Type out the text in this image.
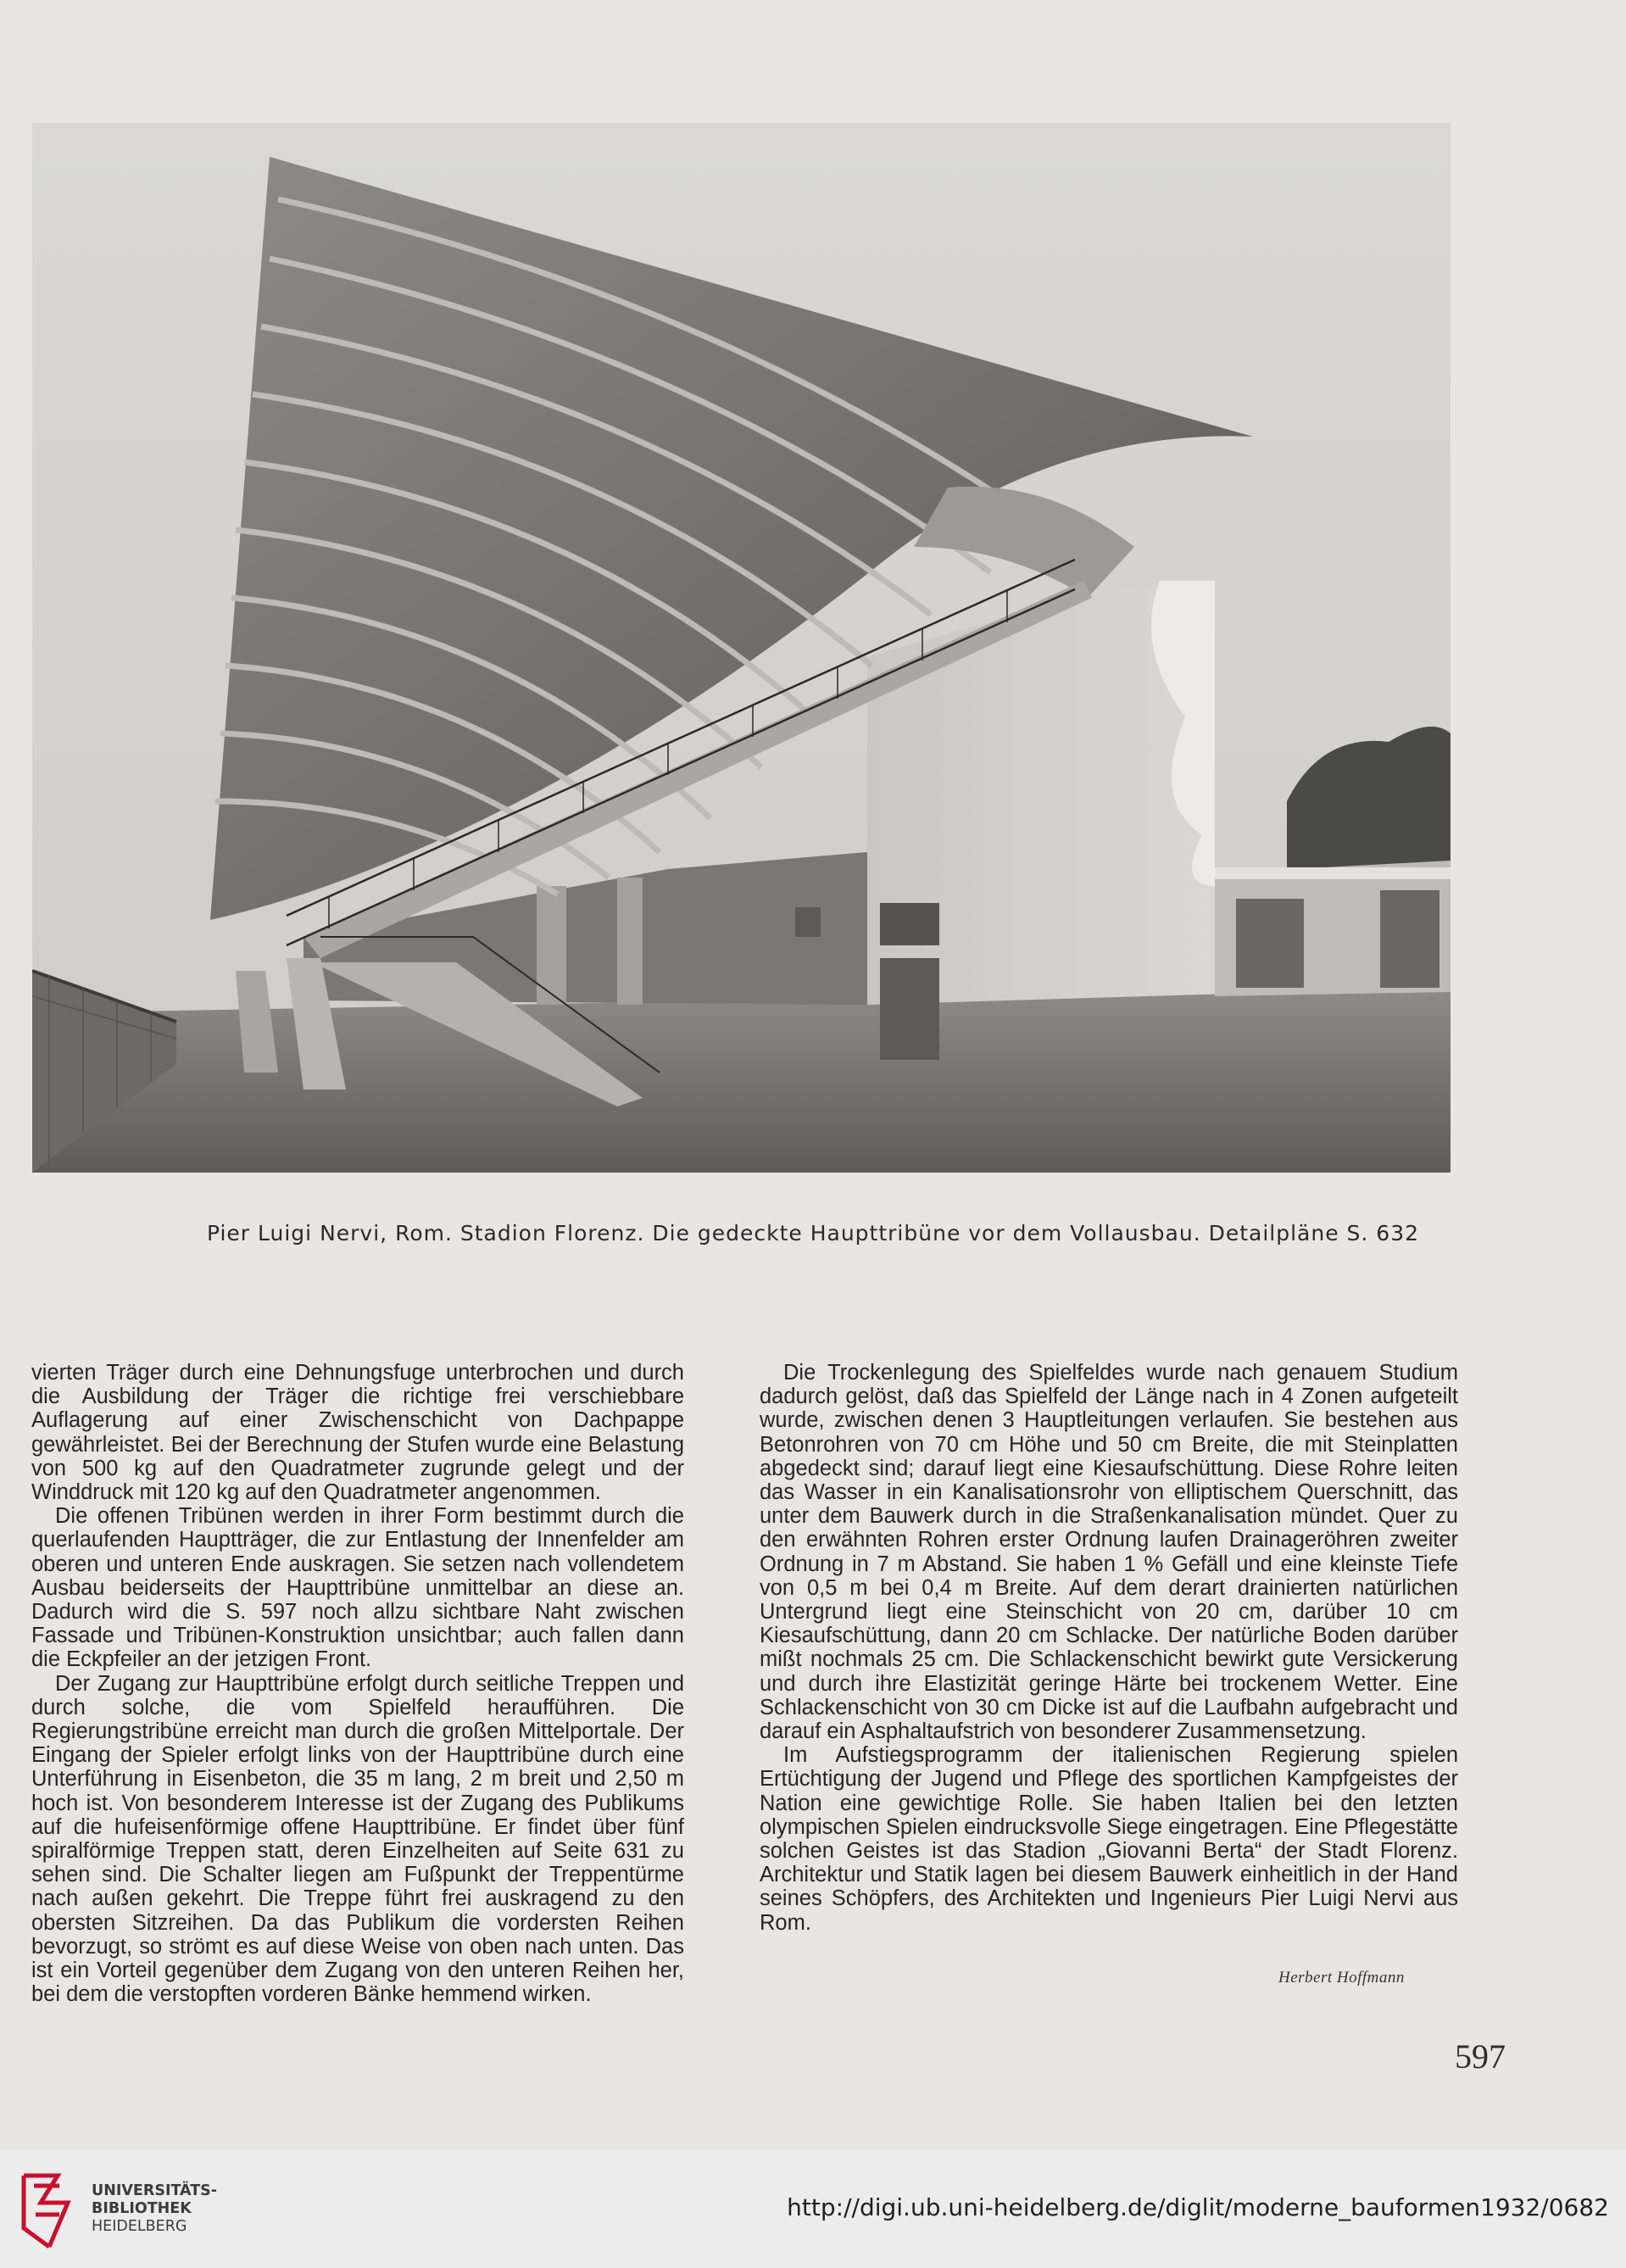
Pier Luigi Nervi, Rom. Stadion Florenz. Die gedeckte Haupttribüne vor dem Vollausbau. Detailpläne S. 632

vierten Träger durch eine Dehnungsfuge unterbrochen und durch die Ausbildung der Träger die richtige frei verschiebbare Auflagerung auf einer Zwischenschicht von Dachpappe gewährleistet. Bei der Berechnung der Stufen wurde eine Belastung von 500 kg auf den Quadratmeter zugrunde gelegt und der Winddruck mit 120 kg auf den Quadratmeter angenommen.

Die offenen Tribünen werden in ihrer Form bestimmt durch die querlaufenden Hauptträger, die zur Entlastung der Innenfelder am oberen und unteren Ende auskragen. Sie setzen nach vollendetem Ausbau beiderseits der Haupttribüne unmittelbar an diese an. Dadurch wird die S. 597 noch allzu sichtbare Naht zwischen Fassade und Tribünen-Konstruktion unsichtbar; auch fallen dann die Eckpfeiler an der jetzigen Front.

Der Zugang zur Haupttribüne erfolgt durch seitliche Treppen und durch solche, die vom Spielfeld heraufführen. Die Regierungstribüne erreicht man durch die großen Mittelportale. Der Eingang der Spieler erfolgt links von der Haupttribüne durch eine Unterführung in Eisenbeton, die 35 m lang, 2 m breit und 2,50 m hoch ist. Von besonderem Interesse ist der Zugang des Publikums auf die hufeisenförmige offene Haupttribüne. Er findet über fünf spiralförmige Treppen statt, deren Einzelheiten auf Seite 631 zu sehen sind. Die Schalter liegen am Fußpunkt der Treppentürme nach außen gekehrt. Die Treppe führt frei auskragend zu den obersten Sitzreihen. Da das Publikum die vordersten Reihen bevorzugt, so strömt es auf diese Weise von oben nach unten. Das ist ein Vorteil gegenüber dem Zugang von den unteren Reihen her, bei dem die verstopften vorderen Bänke hemmend wirken.

Die Trockenlegung des Spielfeldes wurde nach genauem Studium dadurch gelöst, daß das Spielfeld der Länge nach in 4 Zonen aufgeteilt wurde, zwischen denen 3 Hauptleitungen verlaufen. Sie bestehen aus Betonrohren von 70 cm Höhe und 50 cm Breite, die mit Steinplatten abgedeckt sind; darauf liegt eine Kiesaufschüttung. Diese Rohre leiten das Wasser in ein Kanalisationsrohr von elliptischem Querschnitt, das unter dem Bauwerk durch in die Straßenkanalisation mündet. Quer zu den erwähnten Rohren erster Ordnung laufen Drainageröhren zweiter Ordnung in 7 m Abstand. Sie haben 1 % Gefäll und eine kleinste Tiefe von 0,5 m bei 0,4 m Breite. Auf dem derart drainierten natürlichen Untergrund liegt eine Steinschicht von 20 cm, darüber 10 cm Kiesaufschüttung, dann 20 cm Schlacke. Der natürliche Boden darüber mißt nochmals 25 cm. Die Schlackenschicht bewirkt gute Versickerung und durch ihre Elastizität geringe Härte bei trockenem Wetter. Eine Schlackenschicht von 30 cm Dicke ist auf die Laufbahn aufgebracht und darauf ein Asphaltaufstrich von besonderer Zusammensetzung.

Im Aufstiegsprogramm der italienischen Regierung spielen Ertüchtigung der Jugend und Pflege des sportlichen Kampfgeistes der Nation eine gewichtige Rolle. Sie haben Italien bei den letzten olympischen Spielen eindrucksvolle Siege eingetragen. Eine Pflegestätte solchen Geistes ist das Stadion „Giovanni Berta“ der Stadt Florenz. Architektur und Statik lagen bei diesem Bauwerk einheitlich in der Hand seines Schöpfers, des Architekten und Ingenieurs Pier Luigi Nervi aus Rom.

Herbert Hoffmann
597
UNIVERSITÄTS-
BIBLIOTHEK
HEIDELBERG
http://digi.ub.uni-heidelberg.de/diglit/moderne_bauformen1932/0682
